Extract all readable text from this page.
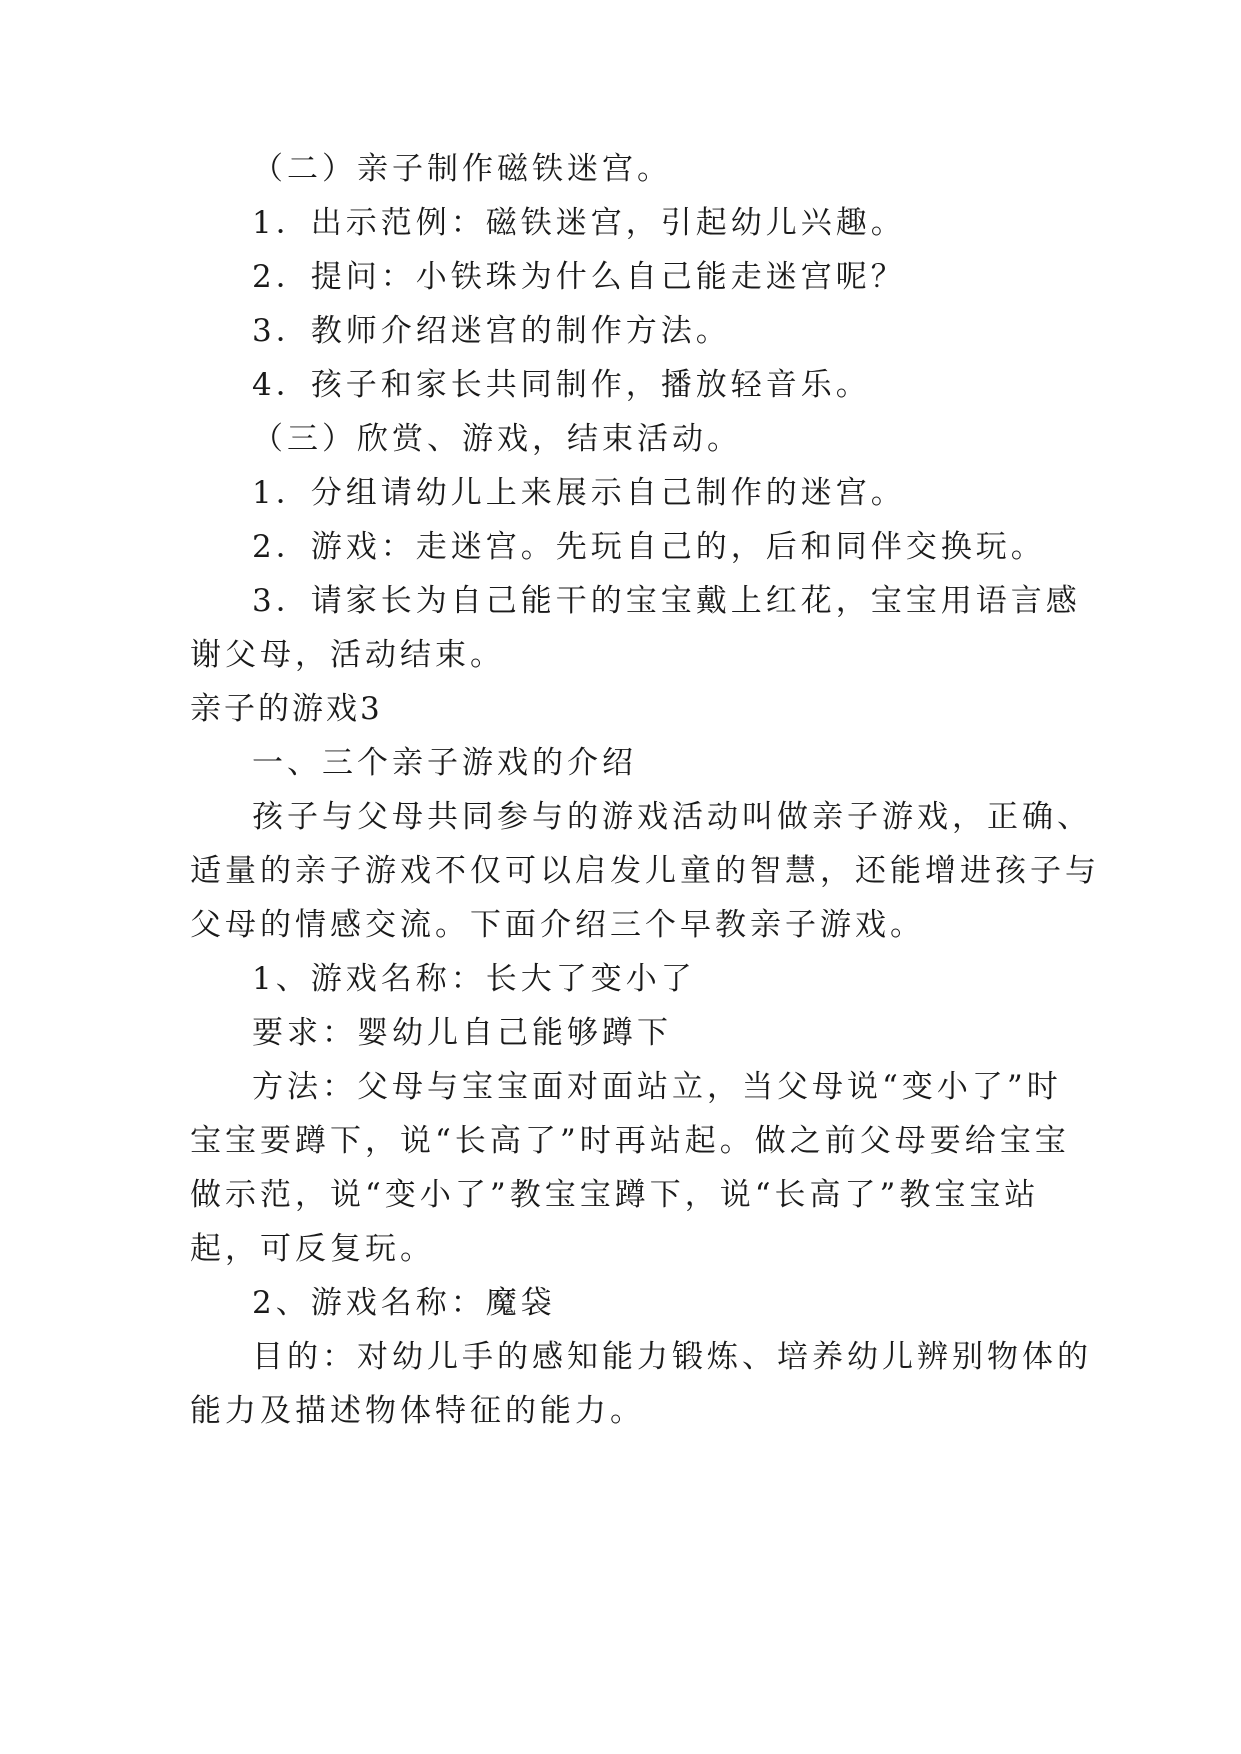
（二）亲子制作磁铁迷宫。
1．出示范例：磁铁迷宫，引起幼儿兴趣。
2．提问：小铁珠为什么自己能走迷宫呢？
3．教师介绍迷宫的制作方法。
4．孩子和家长共同制作，播放轻音乐。
（三）欣赏、游戏，结束活动。
1．分组请幼儿上来展示自己制作的迷宫。
2．游戏：走迷宫。先玩自己的，后和同伴交换玩。
3．请家长为自己能干的宝宝戴上红花，宝宝用语言感
谢父母，活动结束。
亲子的游戏3
一、三个亲子游戏的介绍
孩子与父母共同参与的游戏活动叫做亲子游戏，正确、
适量的亲子游戏不仅可以启发儿童的智慧，还能增进孩子与
父母的情感交流。下面介绍三个早教亲子游戏。
1、游戏名称：长大了变小了
要求：婴幼儿自己能够蹲下
方法：父母与宝宝面对面站立，当父母说“变小了”时
宝宝要蹲下，说“长高了”时再站起。做之前父母要给宝宝
做示范，说“变小了”教宝宝蹲下，说“长高了”教宝宝站
起，可反复玩。
2、游戏名称：魔袋
目的：对幼儿手的感知能力锻炼、培养幼儿辨别物体的
能力及描述物体特征的能力。
